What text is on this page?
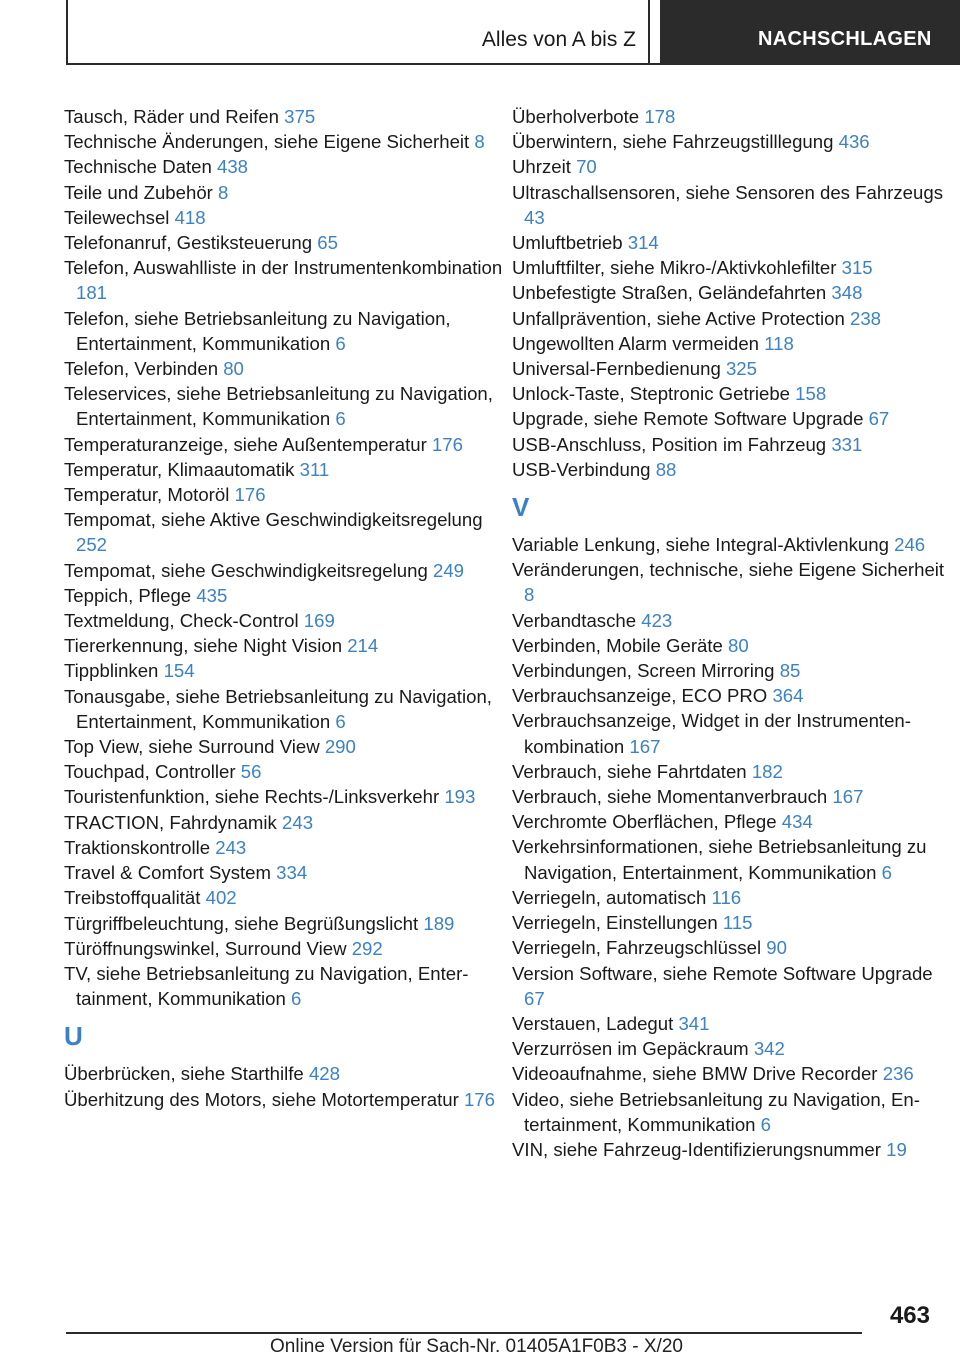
Alles von A bis Z	NACHSCHLAGEN
Tausch, Räder und Reifen 375
Technische Änderungen, siehe Eigene Sicherheit 8
Technische Daten 438
Teile und Zubehör 8
Teilewechsel 418
Telefonanruf, Gestiksteuerung 65
Telefon, Auswahlliste in der Instrumentenkombination 181
Telefon, siehe Betriebsanleitung zu Navigation, Entertainment, Kommunikation 6
Telefon, Verbinden 80
Teleservices, siehe Betriebsanleitung zu Navigation, Entertainment, Kommunikation 6
Temperaturanzeige, siehe Außentemperatur 176
Temperatur, Klimaautomatik 311
Temperatur, Motoröl 176
Tempomat, siehe Aktive Geschwindigkeitsregelung 252
Tempomat, siehe Geschwindigkeitsregelung 249
Teppich, Pflege 435
Textmeldung, Check-Control 169
Tiererkennung, siehe Night Vision 214
Tippblinken 154
Tonausgabe, siehe Betriebsanleitung zu Navigation, Entertainment, Kommunikation 6
Top View, siehe Surround View 290
Touchpad, Controller 56
Touristenfunktion, siehe Rechts-/Linksverkehr 193
TRACTION, Fahrdynamik 243
Traktionskontrolle 243
Travel & Comfort System 334
Treibstoffqualität 402
Türgriffbeleuchtung, siehe Begrüßungslicht 189
Türöffnungswinkel, Surround View 292
TV, siehe Betriebsanleitung zu Navigation, Entertainment, Kommunikation 6
U
Überbrücken, siehe Starthilfe 428
Überhitzung des Motors, siehe Motortemperatur 176
Überholverbote 178
Überwintern, siehe Fahrzeugstilllegung 436
Uhrzeit 70
Ultraschallsensoren, siehe Sensoren des Fahrzeugs 43
Umluftbetrieb 314
Umluftfilter, siehe Mikro-/Aktivkohlefilter 315
Unbefestigte Straßen, Geländefahrten 348
Unfallprävention, siehe Active Protection 238
Ungewollten Alarm vermeiden 118
Universal-Fernbedienung 325
Unlock-Taste, Steptronic Getriebe 158
Upgrade, siehe Remote Software Upgrade 67
USB-Anschluss, Position im Fahrzeug 331
USB-Verbindung 88
V
Variable Lenkung, siehe Integral-Aktivlenkung 246
Veränderungen, technische, siehe Eigene Sicherheit 8
Verbandtasche 423
Verbinden, Mobile Geräte 80
Verbindungen, Screen Mirroring 85
Verbrauchsanzeige, ECO PRO 364
Verbrauchsanzeige, Widget in der Instrumentenkombination 167
Verbrauch, siehe Fahrtdaten 182
Verbrauch, siehe Momentanverbrauch 167
Verchromte Oberflächen, Pflege 434
Verkehrsinformationen, siehe Betriebsanleitung zu Navigation, Entertainment, Kommunikation 6
Verriegeln, automatisch 116
Verriegeln, Einstellungen 115
Verriegeln, Fahrzeugschlüssel 90
Version Software, siehe Remote Software Upgrade 67
Verstauen, Ladegut 341
Verzurrösen im Gepäckraum 342
Videoaufnahme, siehe BMW Drive Recorder 236
Video, siehe Betriebsanleitung zu Navigation, Entertainment, Kommunikation 6
VIN, siehe Fahrzeug-Identifizierungsnummer 19
463
Online Version für Sach-Nr. 01405A1F0B3 - X/20
